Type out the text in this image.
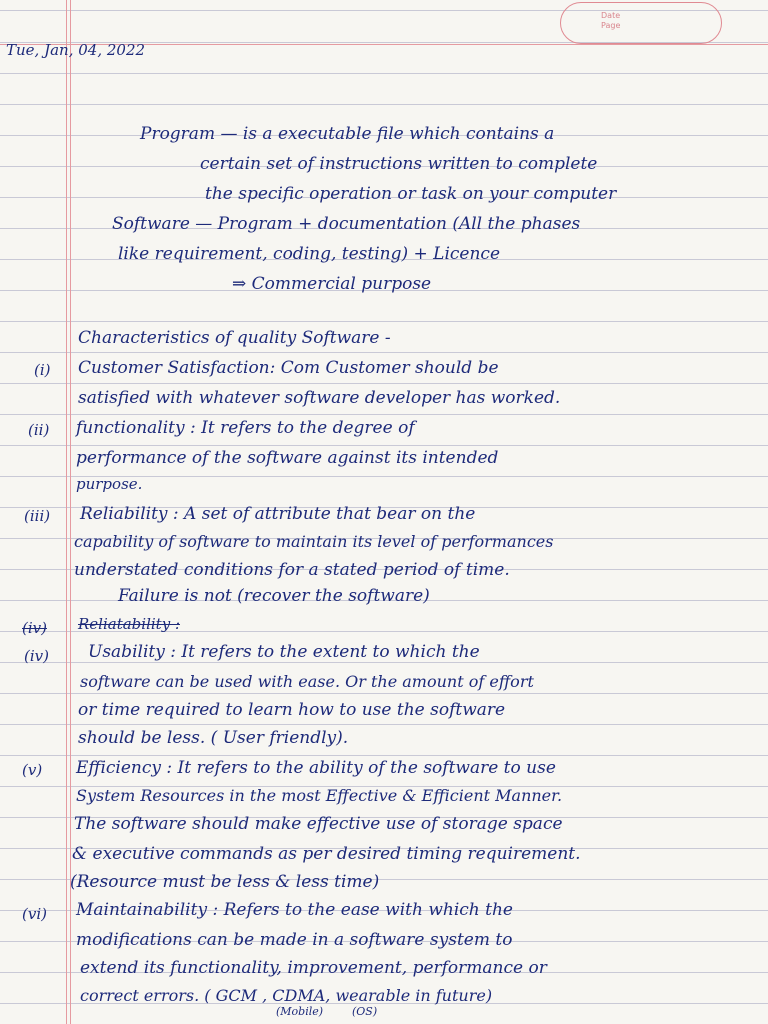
Date
Page
Tue, Jan, 04, 2022
Program — is a executable file which contains a
certain set of instructions written to complete
the specific operation or task on your computer
Software — Program + documentation (All the phases
like requirement, coding, testing) + Licence
⇒ Commercial purpose
Characteristics of quality Software -
(i) Customer Satisfaction: Com Customer should be
satisfied with whatever software developer has worked.
(ii) functionality : It refers to the degree of
performance of the software against its intended
purpose.
(iii) Reliability : A set of attribute that bear on the
capability of software to maintain its level of performances
understated conditions for a stated period of time.
Failure is not (recover the software)
(iv) Reliatability :
(iv) Usability : It refers to the extent to which the
software can be used with ease. Or the amount of effort
or time required to learn how to use the software
should be less. ( User friendly).
(v) Efficiency : It refers to the ability of the software to use
System Resources in the most Effective & Efficient Manner.
The software should make effective use of storage space
& executive commands as per desired timing requirement.
(Resource must be less & less time)
(vi) Maintainability : Refers to the ease with which the
modifications can be made in a software system to
extend its functionality, improvement, performance or
correct errors. ( GCM , CDMA, wearable in future)
(Mobile)	(OS)
